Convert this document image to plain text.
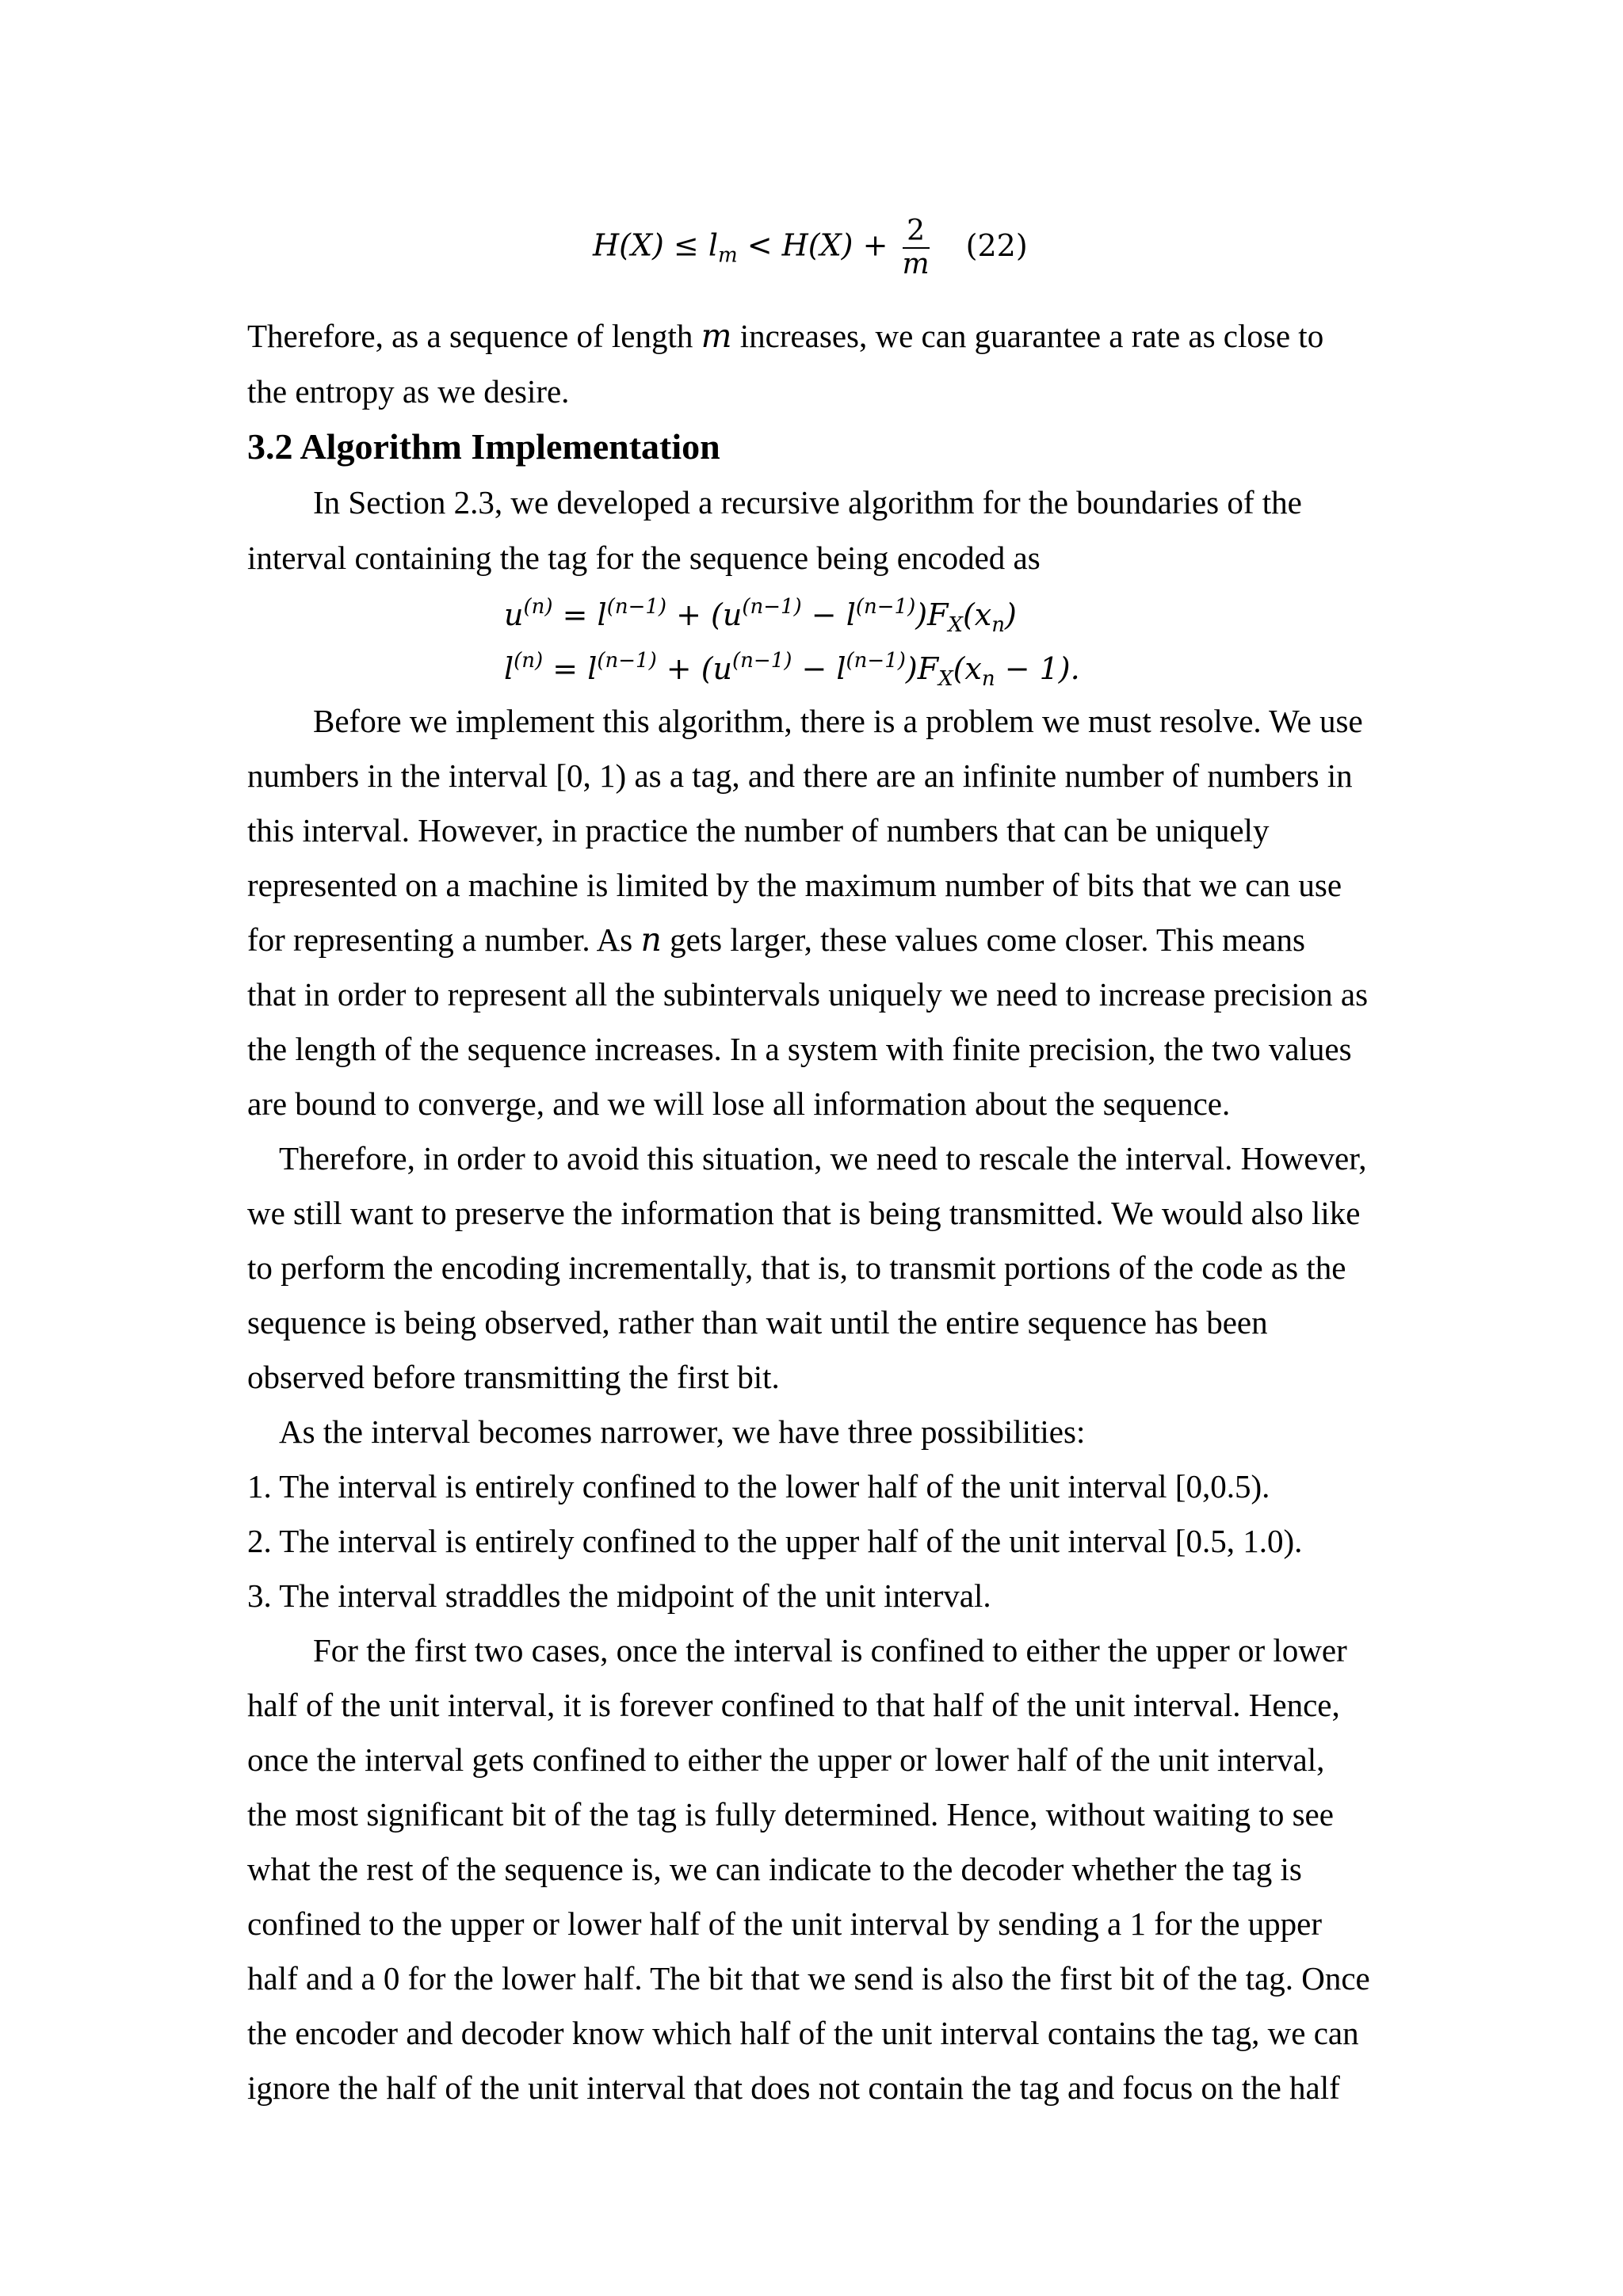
$H(X) \le l_m < H(X) + \frac{2}{m} (22)$
Therefore, as a sequence of length m increases, we can guarantee a rate as close to
the entropy as we desire.
3.2 Algorithm Implementation
In Section 2.3, we developed a recursive algorithm for the boundaries of the
interval containing the tag for the sequence being encoded as
$u^{(n)} = l^{(n-1)} + (u^{(n-1)} - l^{(n-1)})F_X(x_n)$
$l^{(n)} = l^{(n-1)} + (u^{(n-1)} - l^{(n-1)})F_X(x_n - 1)$.
Before we implement this algorithm, there is a problem we must resolve. We use
numbers in the interval [0, 1) as a tag, and there are an infinite number of numbers in
this interval. However, in practice the number of numbers that can be uniquely
represented on a machine is limited by the maximum number of bits that we can use
for representing a number. As n gets larger, these values come closer. This means
that in order to represent all the subintervals uniquely we need to increase precision as
the length of the sequence increases. In a system with finite precision, the two values
are bound to converge, and we will lose all information about the sequence.
Therefore, in order to avoid this situation, we need to rescale the interval. However,
we still want to preserve the information that is being transmitted. We would also like
to perform the encoding incrementally, that is, to transmit portions of the code as the
sequence is being observed, rather than wait until the entire sequence has been
observed before transmitting the first bit.
As the interval becomes narrower, we have three possibilities:
1. The interval is entirely confined to the lower half of the unit interval [0,0.5).
2. The interval is entirely confined to the upper half of the unit interval [0.5, 1.0).
3. The interval straddles the midpoint of the unit interval.
For the first two cases, once the interval is confined to either the upper or lower
half of the unit interval, it is forever confined to that half of the unit interval. Hence,
once the interval gets confined to either the upper or lower half of the unit interval,
the most significant bit of the tag is fully determined. Hence, without waiting to see
what the rest of the sequence is, we can indicate to the decoder whether the tag is
confined to the upper or lower half of the unit interval by sending a 1 for the upper
half and a 0 for the lower half. The bit that we send is also the first bit of the tag. Once
the encoder and decoder know which half of the unit interval contains the tag, we can
ignore the half of the unit interval that does not contain the tag and focus on the half
